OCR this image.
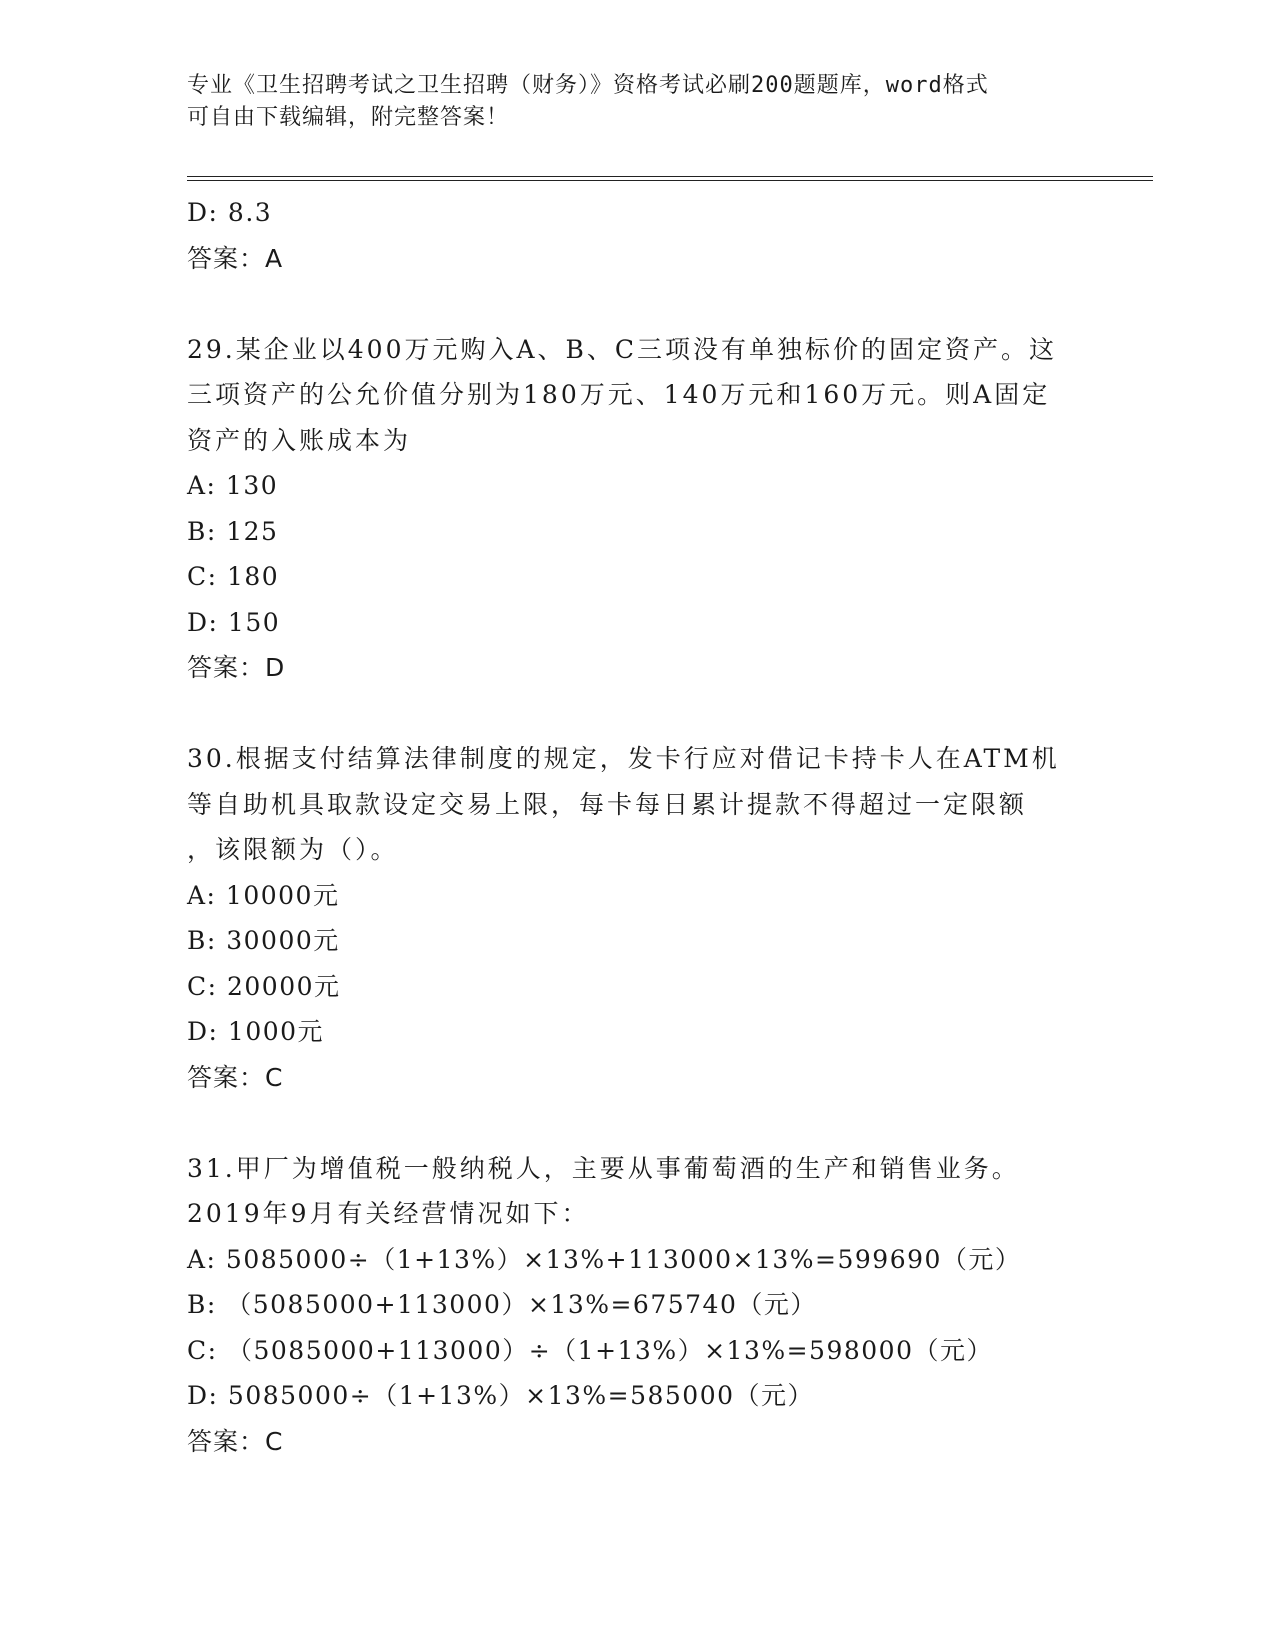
专业《卫生招聘考试之卫生招聘（财务）》资格考试必刷200题题库，word格式
可自由下载编辑，附完整答案！
D: 8.3
答案：A
29.某企业以400万元购入A、B、C三项没有单独标价的固定资产。这
三项资产的公允价值分别为180万元、140万元和160万元。则A固定
资产的入账成本为
A: 130
B: 125
C: 180
D: 150
答案：D
30.根据支付结算法律制度的规定，发卡行应对借记卡持卡人在ATM机
等自助机具取款设定交易上限，每卡每日累计提款不得超过一定限额
，该限额为（）。
A: 10000元
B: 30000元
C: 20000元
D: 1000元
答案：C
31.甲厂为增值税一般纳税人，主要从事葡萄酒的生产和销售业务。
2019年9月有关经营情况如下：
A: 5085000÷（1+13%）×13%+113000×13%=599690（元）
B: （5085000+113000）×13%=675740（元）
C: （5085000+113000）÷（1+13%）×13%=598000（元）
D: 5085000÷（1+13%）×13%=585000（元）
答案：C
